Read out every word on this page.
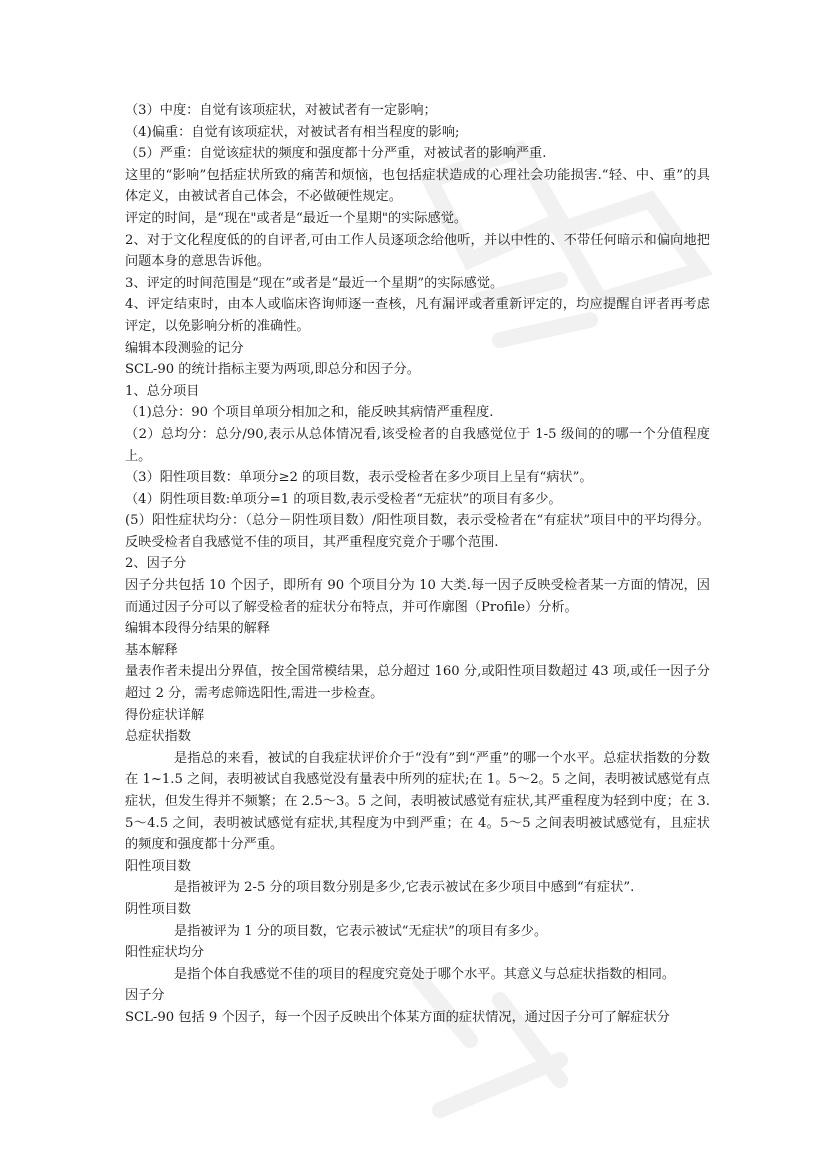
（3）中度：自觉有该项症状，对被试者有一定影响；

（4)偏重：自觉有该项症状，对被试者有相当程度的影响;

（5）严重：自觉该症状的频度和强度都十分严重，对被试者的影响严重.

这里的“影响”包括症状所致的痛苦和烦恼，也包括症状造成的心理社会功能损害.“轻、中、重”的具体定义，由被试者自己体会，不必做硬性规定。

评定的时间，是“现在"或者是“最近一个星期"的实际感觉。

2、对于文化程度低的的自评者,可由工作人员逐项念给他听，并以中性的、不带任何暗示和偏向地把问题本身的意思告诉他。

3、评定的时间范围是“现在”或者是“最近一个星期”的实际感觉。

4、评定结束时，由本人或临床咨询师逐一查核，凡有漏评或者重新评定的，均应提醒自评者再考虑评定，以免影响分析的准确性。

编辑本段测验的记分

SCL-90 的统计指标主要为两项,即总分和因子分。

1、总分项目

（1)总分：90 个项目单项分相加之和，能反映其病情严重程度.

（2）总均分：总分/90,表示从总体情况看,该受检者的自我感觉位于 1-5 级间的的哪一个分值程度上。

（3）阳性项目数：单项分≥2 的项目数，表示受检者在多少项目上呈有“病状”。

（4）阴性项目数:单项分=1 的项目数,表示受检者“无症状”的项目有多少。

(5）阳性症状均分：（总分－阴性项目数）/阳性项目数，表示受检者在“有症状”项目中的平均得分。反映受检者自我感觉不佳的项目，其严重程度究竟介于哪个范围.

2、因子分

因子分共包括 10 个因子，即所有 90 个项目分为 10 大类.每一因子反映受检者某一方面的情况，因而通过因子分可以了解受检者的症状分布特点，并可作廓图（Profile）分析。

编辑本段得分结果的解释

基本解释

量表作者未提出分界值，按全国常模结果，总分超过 160 分,或阳性项目数超过 43 项,或任一因子分超过 2 分，需考虑筛选阳性,需进一步检查。

得份症状详解

总症状指数

是指总的来看，被试的自我症状评价介于“没有”到“严重”的哪一个水平。总症状指数的分数在 1~1.5 之间，表明被试自我感觉没有量表中所列的症状;在 1。5～2。5 之间，表明被试感觉有点症状，但发生得并不频繁；在 2.5～3。5 之间，表明被试感觉有症状,其严重程度为轻到中度；在 3.5～4.5 之间，表明被试感觉有症状,其程度为中到严重；在 4。5～5 之间表明被试感觉有，且症状的频度和强度都十分严重。

阳性项目数

是指被评为 2-5 分的项目数分别是多少,它表示被试在多少项目中感到“有症状”.

阴性项目数

是指被评为 1 分的项目数，它表示被试“无症状”的项目有多少。

阳性症状均分

是指个体自我感觉不佳的项目的程度究竟处于哪个水平。其意义与总症状指数的相同。

因子分

SCL-90 包括 9 个因子，每一个因子反映出个体某方面的症状情况，通过因子分可了解症状分
